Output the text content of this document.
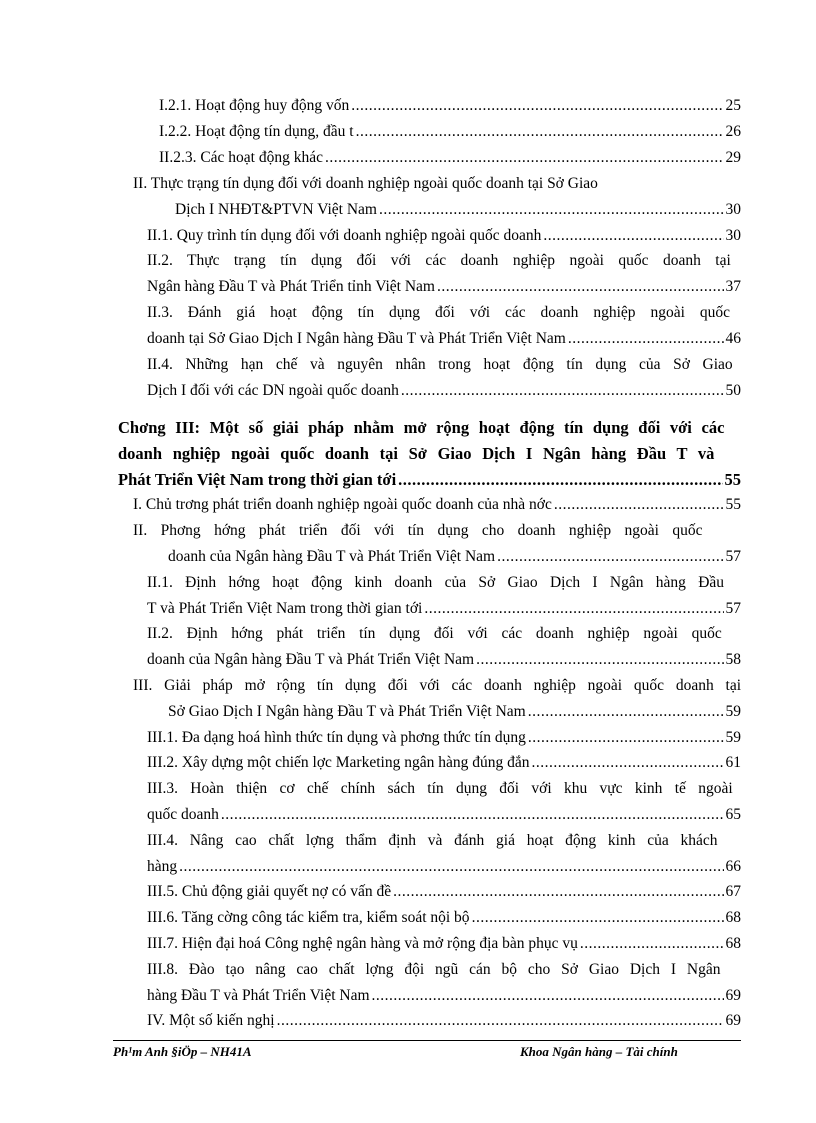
I.2.1. Hoạt động huy động vốn .....	25
I.2.2. Hoạt động tín dụng, đầu t .....	26
II.2.3. Các hoạt động khác .....	29
II. Thực trạng tín dụng đối với doanh nghiệp ngoài quốc doanh tại Sở Giao
Dịch I NHĐT&PTVN Việt Nam .....	30
II.1. Quy trình tín dụng đối với doanh nghiệp ngoài quốc doanh .....	30
II.2. Thực trạng tín dụng đối với các doanh nghiệp ngoài quốc doanh tại
Ngân hàng Đầu T và Phát Triển tỉnh Việt Nam .....	37
II.3. Đánh giá hoạt động tín dụng đối với các doanh nghiệp ngoài quốc
doanh tại Sở Giao Dịch I Ngân hàng Đầu T và Phát Triển Việt Nam .....	46
II.4. Những hạn chế và nguyên nhân trong hoạt động tín dụng của Sở Giao
Dịch I đối với các DN ngoài quốc doanh .....	50
Chơng III: Một số giải pháp nhằm mở rộng hoạt động tín dụng đối với các
doanh nghiệp ngoài quốc doanh tại Sở Giao Dịch I Ngân hàng Đầu T và
Phát Triển Việt Nam trong thời gian tới .....	55
I. Chủ trơng phát triển doanh nghiệp ngoài quốc doanh của nhà nớc .....	55
II. Phơng hớng phát triển đối với tín dụng cho doanh nghiệp ngoài quốc
doanh của Ngân hàng Đầu T và Phát Triển Việt Nam .....	57
II.1. Định hớng hoạt động kinh doanh của Sở Giao Dịch I Ngân hàng Đầu
T và Phát Triển Việt Nam trong thời gian tới .....	57
II.2. Định hớng phát triển tín dụng đối với các doanh nghiệp ngoài quốc
doanh của Ngân hàng Đầu T và Phát Triển Việt Nam .....	58
III. Giải pháp mở rộng tín dụng đối với các doanh nghiệp ngoài quốc doanh tại
Sở Giao Dịch I Ngân hàng Đầu T và Phát Triển Việt Nam .....	59
III.1. Đa dạng hoá hình thức tín dụng và phơng thức tín dụng .....	59
III.2. Xây dựng một chiến lợc Marketing ngân hàng đúng đắn .....	61
III.3. Hoàn thiện cơ chế chính sách tín dụng đối với khu vực kinh tế ngoài
quốc doanh .....	65
III.4. Nâng cao chất lợng thẩm định và đánh giá hoạt động kinh của khách
hàng .....	66
III.5. Chủ động giải quyết nợ có vấn đề .....	67
III.6. Tăng cờng công tác kiểm tra, kiểm soát nội bộ .....	68
III.7. Hiện đại hoá Công nghệ ngân hàng và mở rộng địa bàn phục vụ .....	68
III.8. Đào tạo nâng cao chất lợng đội ngũ cán bộ cho Sở Giao Dịch I Ngân
hàng Đầu T và Phát Triển Việt Nam .....	69
IV. Một số kiến nghị .....	69
Ph¹m Anh §iÖp – NH41A	Khoa Ngân hàng – Tài chính
